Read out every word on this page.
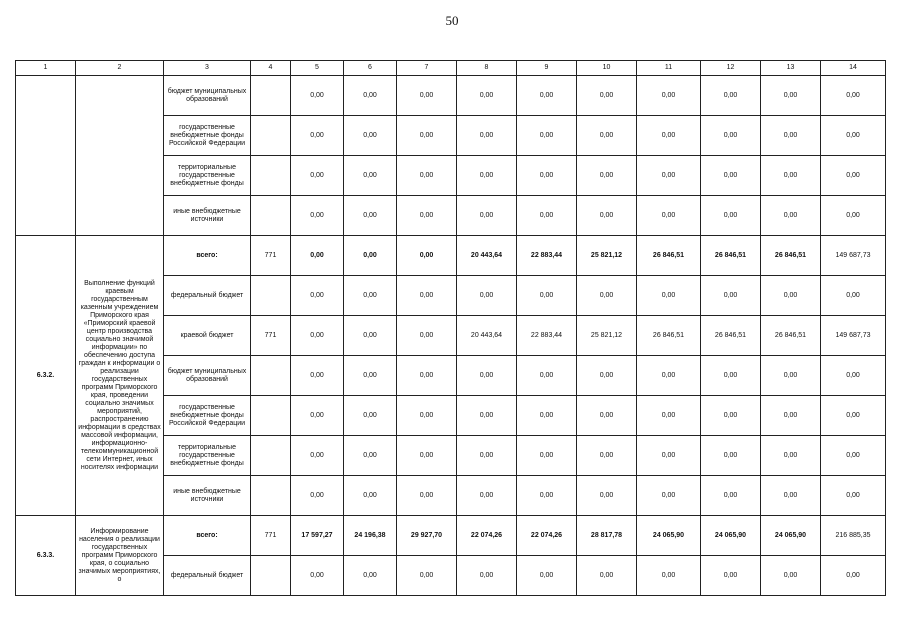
50
1	2	3	4	5	6	7	8	9	10	11	12	13	14
		бюджет муниципальных образований		0,00	0,00	0,00	0,00	0,00	0,00	0,00	0,00	0,00	0,00
		государственные внебюджетные фонды Российской Федерации		0,00	0,00	0,00	0,00	0,00	0,00	0,00	0,00	0,00	0,00
		территориальные государственные внебюджетные фонды		0,00	0,00	0,00	0,00	0,00	0,00	0,00	0,00	0,00	0,00
		иные внебюджетные источники		0,00	0,00	0,00	0,00	0,00	0,00	0,00	0,00	0,00	0,00
6.3.2.	Выполнение функций краевым государственным казенным учреждением Приморского края «Приморский краевой центр производства социально значимой информации» по обеспечению доступа граждан к информации о реализации государственных программ Приморского края, проведении социально значимых мероприятий, распространению информации в средствах массовой информации, информационно-телекоммуникационной сети Интернет, иных носителях информации	всего:	771	0,00	0,00	0,00	20 443,64	22 883,44	25 821,12	26 846,51	26 846,51	26 846,51	149 687,73
		федеральный бюджет		0,00	0,00	0,00	0,00	0,00	0,00	0,00	0,00	0,00	0,00
		краевой бюджет	771	0,00	0,00	0,00	20 443,64	22 883,44	25 821,12	26 846,51	26 846,51	26 846,51	149 687,73
		бюджет муниципальных образований		0,00	0,00	0,00	0,00	0,00	0,00	0,00	0,00	0,00	0,00
		государственные внебюджетные фонды Российской Федерации		0,00	0,00	0,00	0,00	0,00	0,00	0,00	0,00	0,00	0,00
		территориальные государственные внебюджетные фонды		0,00	0,00	0,00	0,00	0,00	0,00	0,00	0,00	0,00	0,00
		иные внебюджетные источники		0,00	0,00	0,00	0,00	0,00	0,00	0,00	0,00	0,00	0,00
6.3.3.	Информирование населения о реализации государственных программ Приморского края, о социально значимых мероприятиях, о	всего:	771	17 597,27	24 196,38	29 927,70	22 074,26	22 074,26	28 817,78	24 065,90	24 065,90	24 065,90	216 885,35
		федеральный бюджет		0,00	0,00	0,00	0,00	0,00	0,00	0,00	0,00	0,00	0,00
